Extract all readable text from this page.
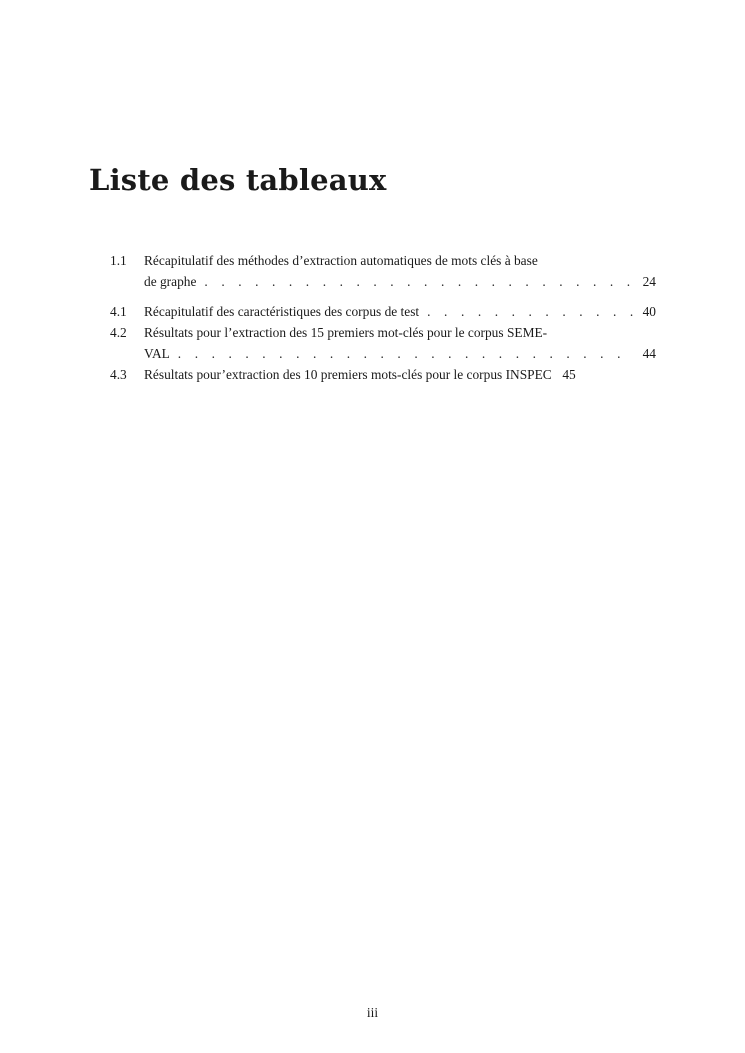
Liste des tableaux
1.1	Récapitulatif des méthodes d’extraction automatiques de mots clés à base
de graphe . . .	24
4.1	Récapitulatif des caractéristiques des corpus de test . . .	40
4.2	Résultats pour l’extraction des 15 premiers mot-clés pour le corpus SEME-
VAL . . .	44
4.3	Résultats pour’extraction des 10 premiers mots-clés pour le corpus INSPEC 45
iii
